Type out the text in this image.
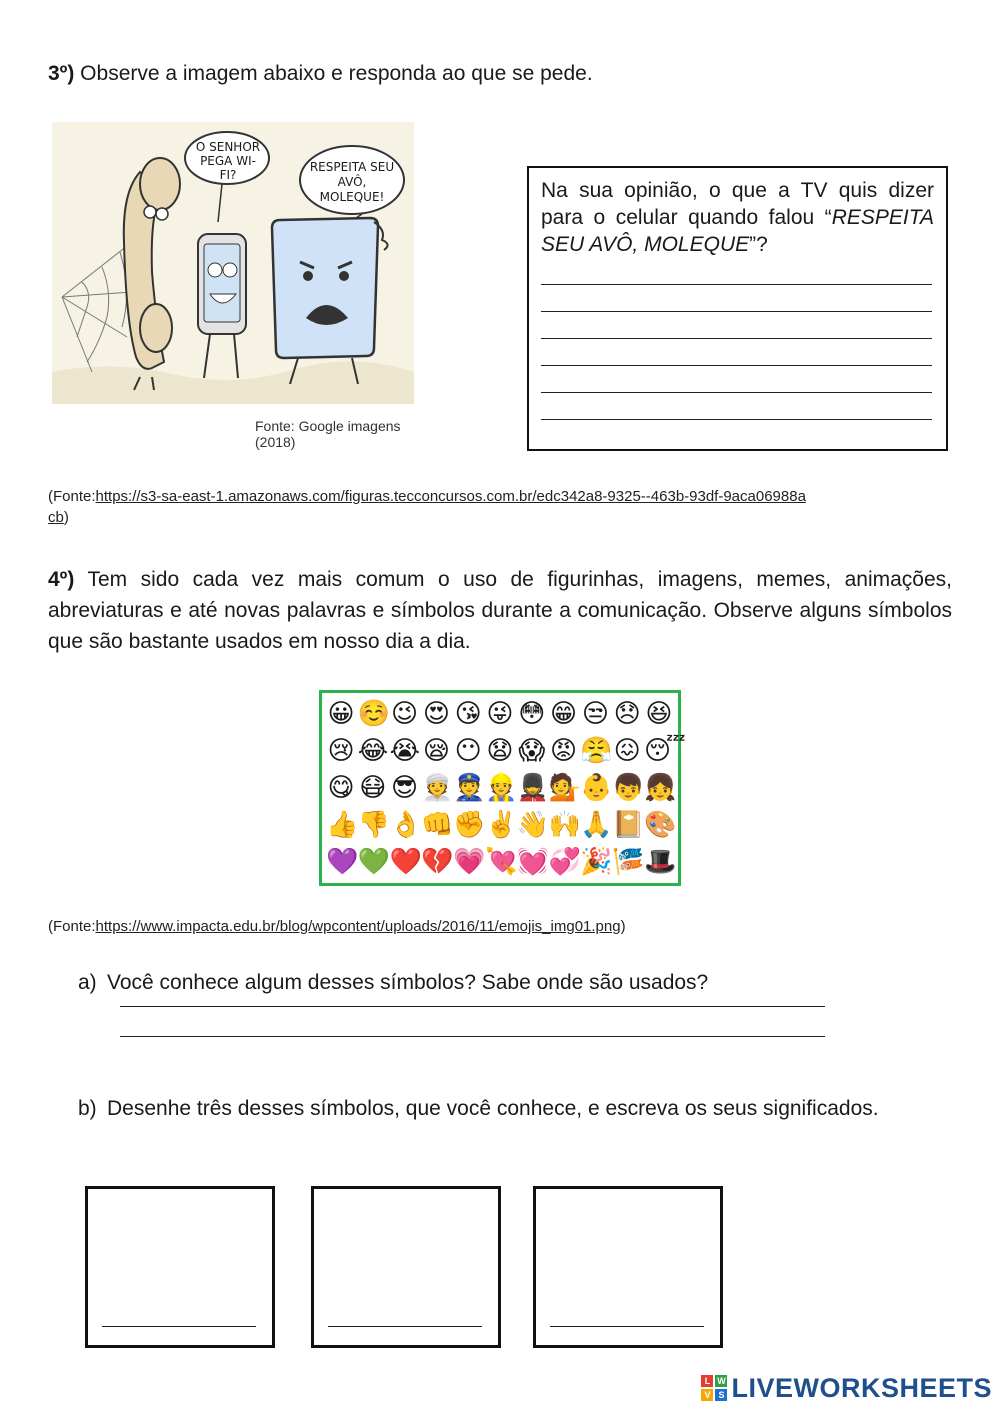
3º) Observe a imagem abaixo e responda ao que se pede.
O SENHOR PEGA WI-FI?
RESPEITA SEU AVÔ, MOLEQUE!
Fonte: Google imagens (2018)
Na sua opinião, o que a TV quis dizer para o celular quando falou “RESPEITA SEU AVÔ, MOLEQUE”?
(Fonte:https://s3-sa-east-1.amazonaws.com/figuras.tecconcursos.com.br/edc342a8-9325--463b-93df-9aca06988acb)
4º) Tem sido cada vez mais comum o uso de figurinhas, imagens, memes, animações, abreviaturas e até novas palavras e símbolos durante a comunicação. Observe alguns símbolos que são bastante usados em nosso dia a dia.
😀 ☺️ 😉 😍 😘 😜 😳 😁 😒 😞 😆
😢 😂 😭 😪 😶 😧 😱 😡 😤 😖 😴
😋 😷 😎 👳 👮 👷 💂 💁 👶 👦 👧
👍 👎 👌 👊 ✊ ✌️ 👋 🙌 🙏 📔 🎨
💜 💚 ❤️ 💔 💗 💘 💓 💞 🎉 🎏 🎩
(Fonte:https://www.impacta.edu.br/blog/wpcontent/uploads/2016/11/emojis_img01.png)
a) Você conhece algum desses símbolos? Sabe onde são usados?
b) Desenhe três desses símbolos, que você conhece, e escreva os seus significados.
L W
V S LIVEWORKSHEETS
